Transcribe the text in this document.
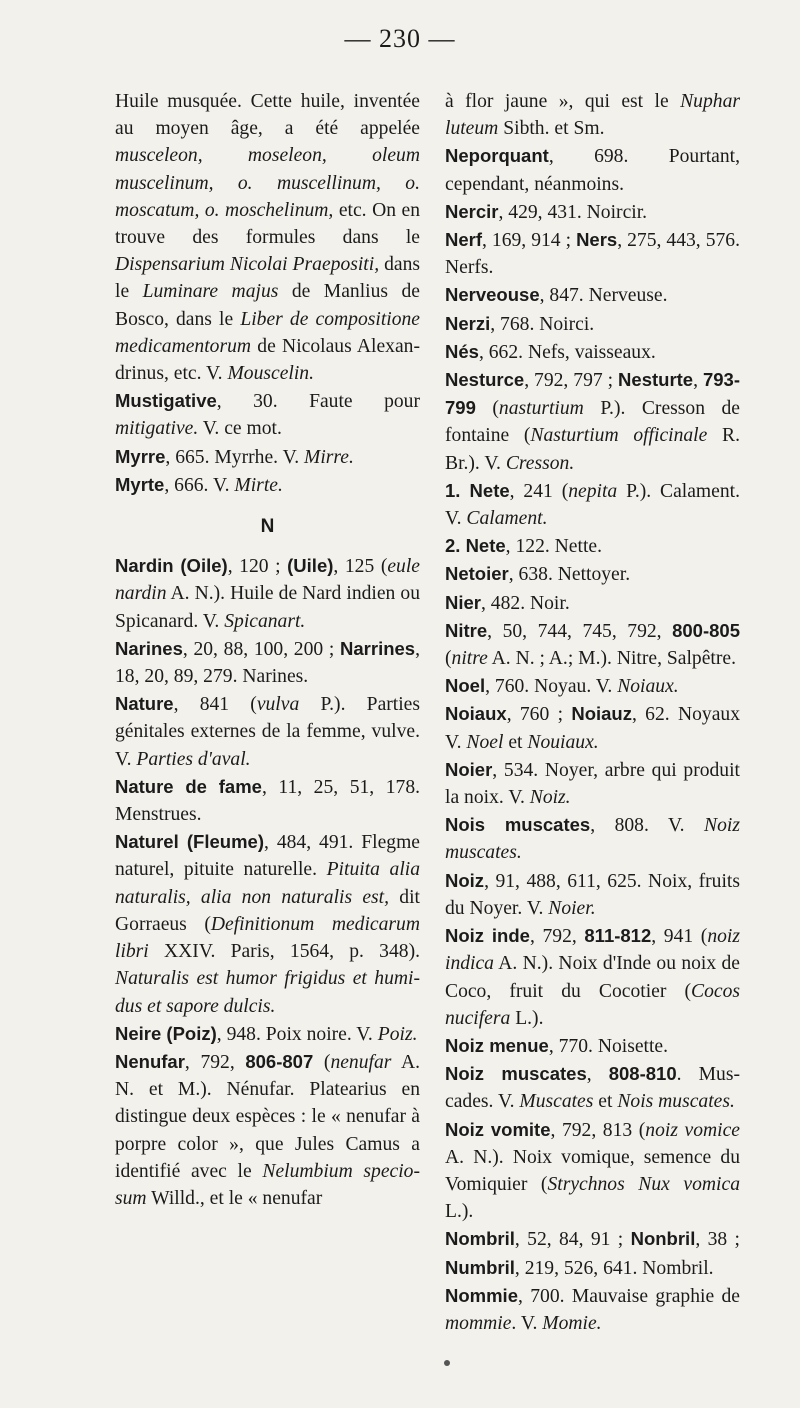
— 230 —

Huile musquée. Cette huile, inventée au moyen âge, a été appelée musceleon, moseleon, oleum muscelinum, o. muscellinum, o. moscatum, o. moschelinum, etc. On en trouve des formules dans le Dispensarium Nicolai Praepositi, dans le Luminare majus de Manlius de Bosco, dans le Liber de compositione medicamentorum de Nicolaus Alexandrinus, etc. V. Mouscelin.

Mustigative, 30. Faute pour mitigative. V. ce mot.

Myrre, 665. Myrrhe. V. Mirre.

Myrte, 666. V. Mirte.

N

Nardin (Oile), 120 ; (Uile), 125 (eule nardin A. N.). Huile de Nard indien ou Spicanard. V. Spicanart.

Narines, 20, 88, 100, 200 ; Narrines, 18, 20, 89, 279. Narines.

Nature, 841 (vulva P.). Parties génitales externes de la femme, vulve. V. Parties d'aval.

Nature de fame, 11, 25, 51, 178. Menstrues.

Naturel (Fleume), 484, 491. Flegme naturel, pituite naturelle. Pituita alia naturalis, alia non naturalis est, dit Gorraeus (Definitionum medicarum libri XXIV. Paris, 1564, p. 348). Naturalis est humor frigidus et humidus et sapore dulcis.

Neire (Poiz), 948. Poix noire. V. Poiz.

Nenufar, 792, 806-807 (nenufar A. N. et M.). Nénufar. Platearius en distingue deux espèces : le « nenufar à porpre color », que Jules Camus a identifié avec le Nelumbium speciosum Willd., et le « nenufar

à flor jaune », qui est le Nuphar luteum Sibth. et Sm.

Neporquant, 698. Pourtant, cependant, néanmoins.

Nercir, 429, 431. Noircir.

Nerf, 169, 914 ; Ners, 275, 443, 576. Nerfs.

Nerveouse, 847. Nerveuse.

Nerzi, 768. Noirci.

Nés, 662. Nefs, vaisseaux.

Nesturce, 792, 797 ; Nesturte, 793-799 (nasturtium P.). Cresson de fontaine (Nasturtium officinale R. Br.). V. Cresson.

1. Nete, 241 (nepita P.). Calament. V. Calament.

2. Nete, 122. Nette.

Netoier, 638. Nettoyer.

Nier, 482. Noir.

Nitre, 50, 744, 745, 792, 800-805 (nitre A. N. ; A.; M.). Nitre, Salpêtre.

Noel, 760. Noyau. V. Noiaux.

Noiaux, 760 ; Noiauz, 62. Noyaux V. Noel et Nouiaux.

Noier, 534. Noyer, arbre qui produit la noix. V. Noiz.

Nois muscates, 808. V. Noiz muscates.

Noiz, 91, 488, 611, 625. Noix, fruits du Noyer. V. Noier.

Noiz inde, 792, 811-812, 941 (noiz indica A. N.). Noix d'Inde ou noix de Coco, fruit du Cocotier (Cocos nucifera L.).

Noiz menue, 770. Noisette.

Noiz muscates, 808-810. Muscades. V. Muscates et Nois muscates.

Noiz vomite, 792, 813 (noiz vomice A. N.). Noix vomique, semence du Vomiquier (Strychnos Nux vomica L.).

Nombril, 52, 84, 91 ; Nonbril, 38 ; Numbril, 219, 526, 641. Nombril.

Nommie, 700. Mauvaise graphie de mommie. V. Momie.
